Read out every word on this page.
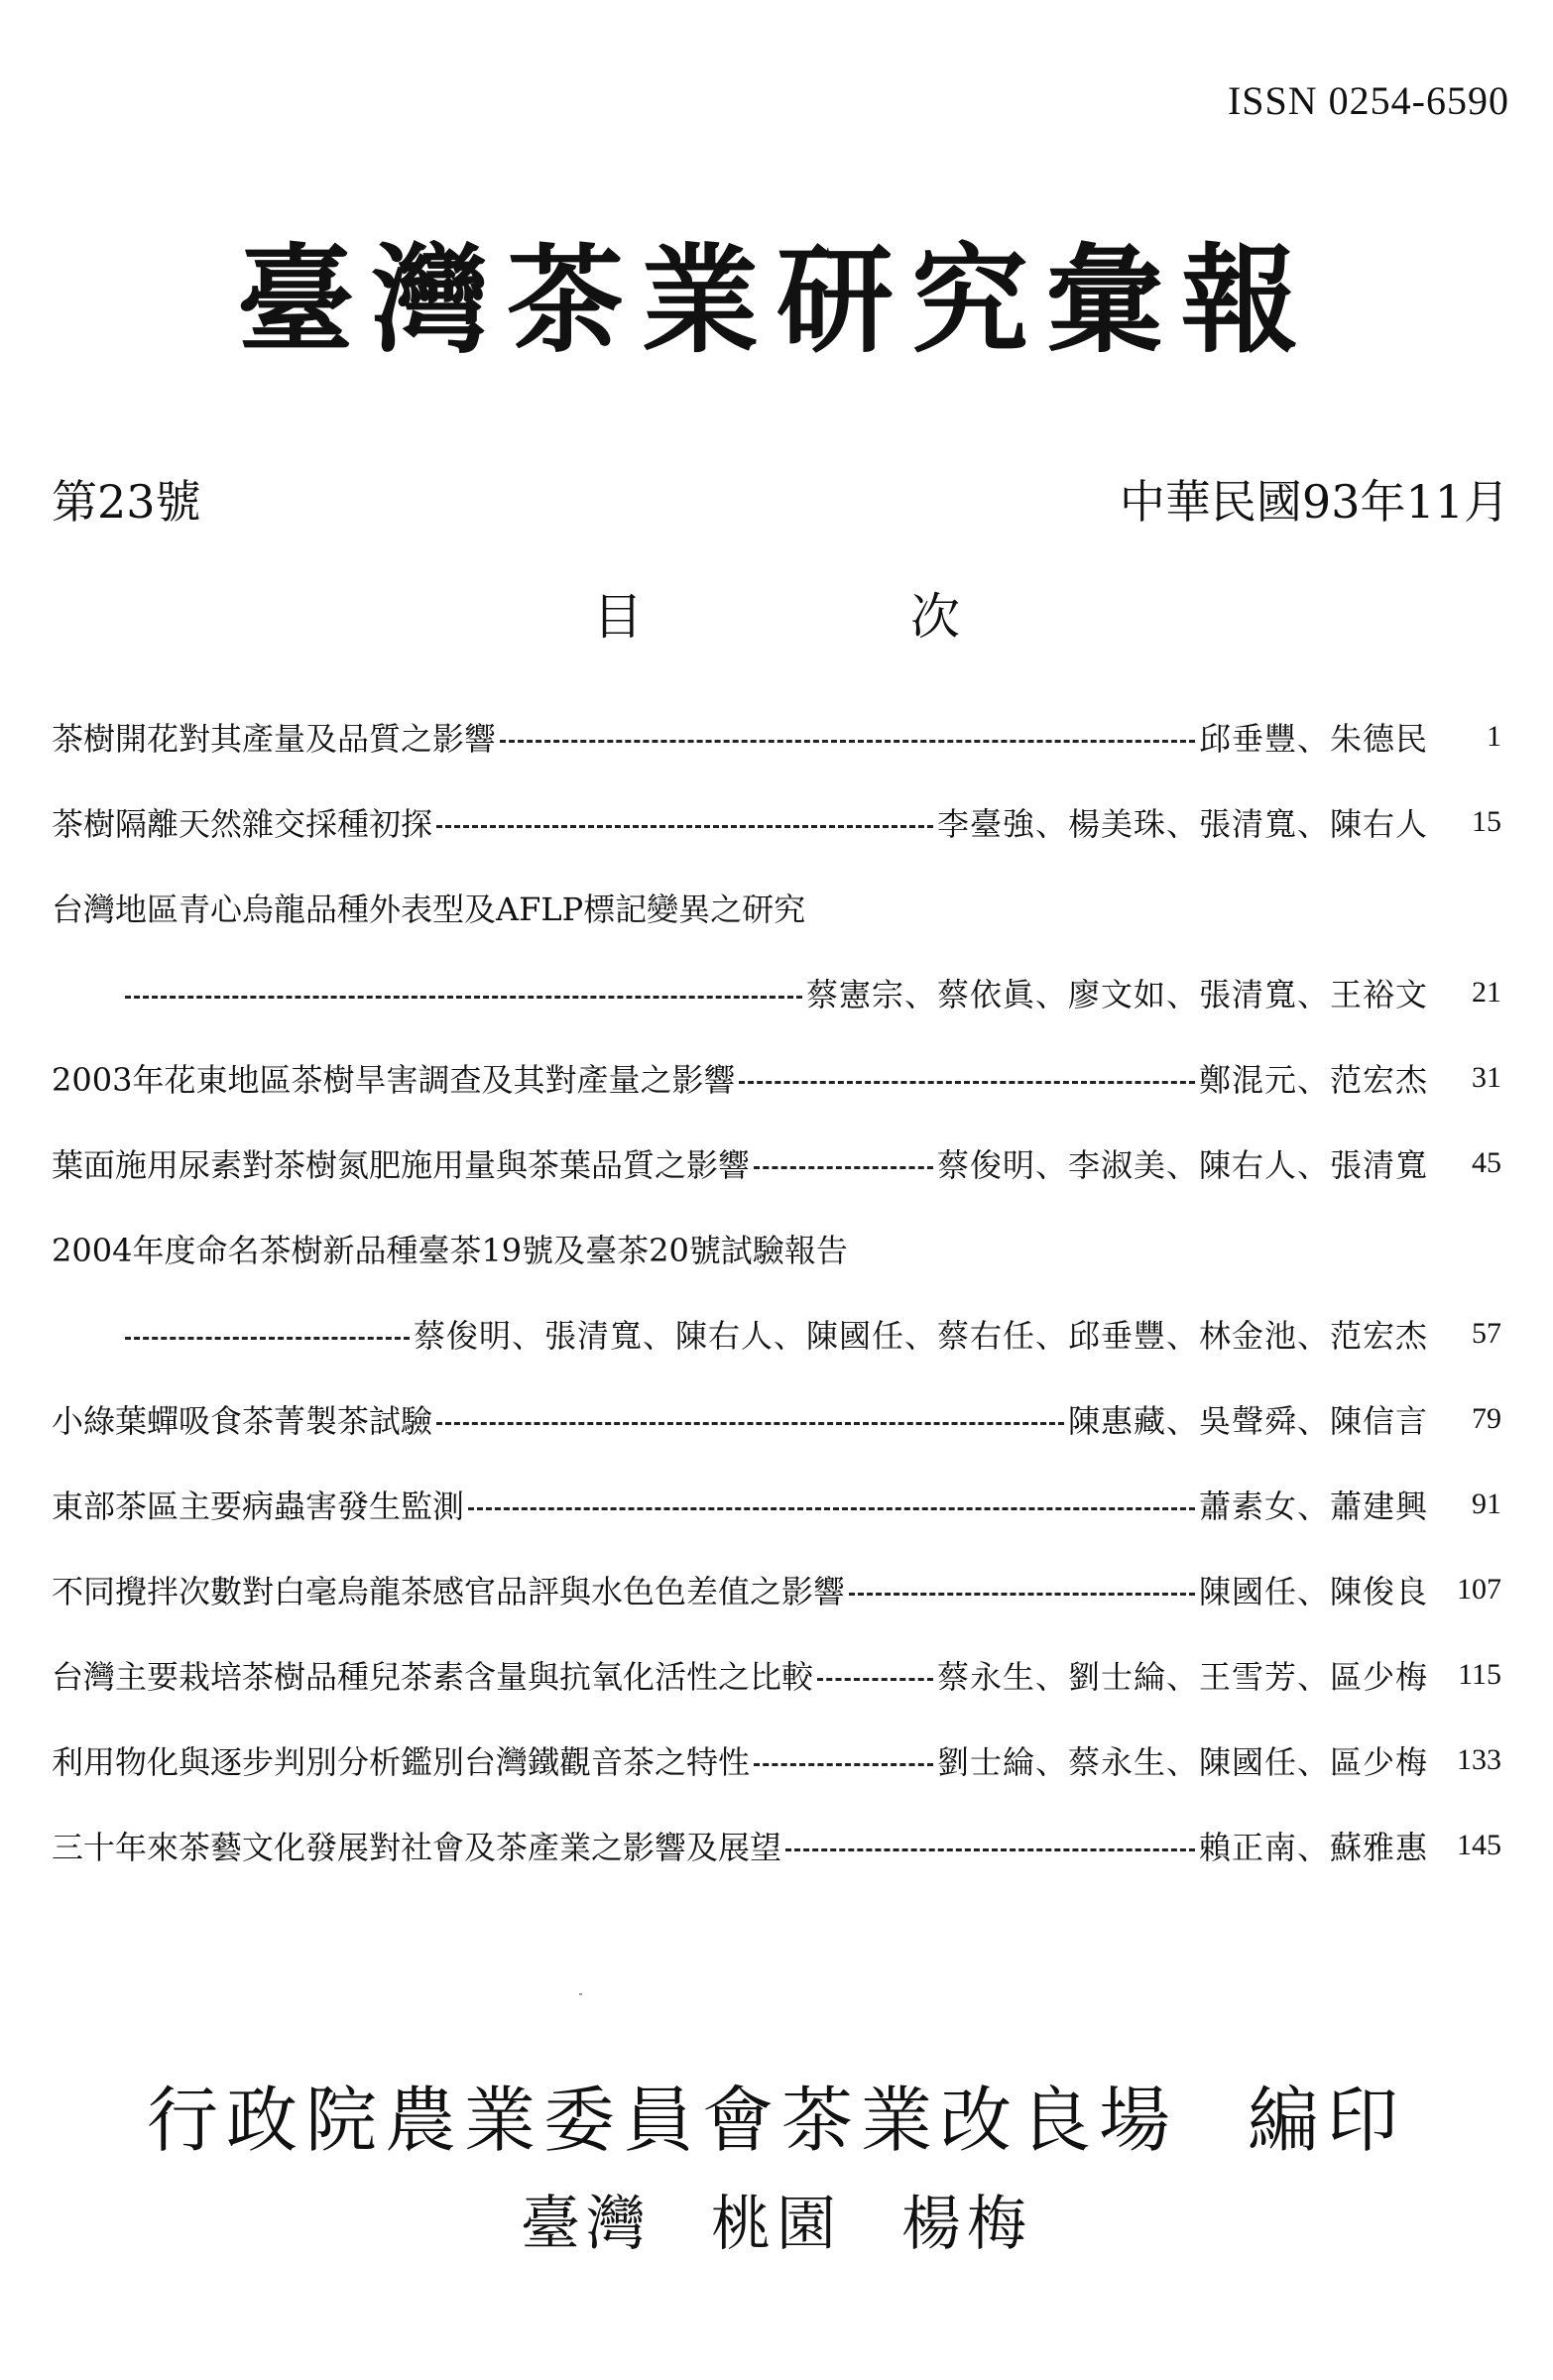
ISSN 0254-6590
臺灣茶業研究彙報
第23號	中華民國93年11月
目　次
茶樹開花對其產量及品質之影響	邱垂豐、朱德民	1
茶樹隔離天然雜交採種初探	李臺強、楊美珠、張清寬、陳右人	15
台灣地區青心烏龍品種外表型及AFLP標記變異之研究
蔡憲宗、蔡依眞、廖文如、張清寬、王裕文	21
2003年花東地區茶樹旱害調查及其對產量之影響	鄭混元、范宏杰	31
葉面施用尿素對茶樹氮肥施用量與茶葉品質之影響	蔡俊明、李淑美、陳右人、張清寬	45
2004年度命名茶樹新品種臺茶19號及臺茶20號試驗報告
蔡俊明、張清寬、陳右人、陳國任、蔡右任、邱垂豐、林金池、范宏杰	57
小綠葉蟬吸食茶菁製茶試驗	陳惠藏、吳聲舜、陳信言	79
東部茶區主要病蟲害發生監測	蕭素女、蕭建興	91
不同攪拌次數對白毫烏龍茶感官品評與水色色差值之影響	陳國任、陳俊良 107
台灣主要栽培茶樹品種兒茶素含量與抗氧化活性之比較	蔡永生、劉士綸、王雪芳、區少梅	115
利用物化與逐步判別分析鑑別台灣鐵觀音茶之特性	劉士綸、蔡永生、陳國任、區少梅 133
三十年來茶藝文化發展對社會及茶產業之影響及展望	賴正南、蘇雅惠 145
行政院農業委員會茶業改良場 編印
臺灣 桃園 楊梅
